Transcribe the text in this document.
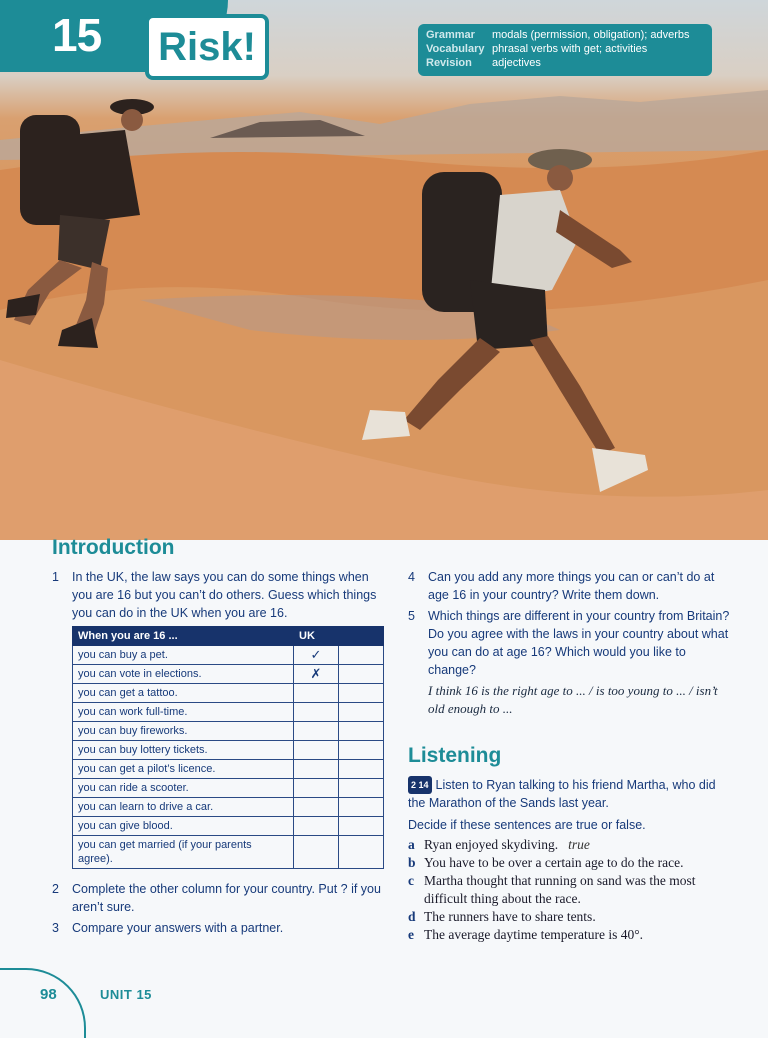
15 Risk!	Grammar	modals (permission, obligation); adverbs
Vocabulary phrasal verbs with get; activities
Revision	adjectives
Introduction
1 In the UK, the law says you can do some things when you are 16 but you can’t do others. Guess which things you can do in the UK when you are 16.
When you are 16 ...	UK	
you can buy a pet.	✓	
you can vote in elections.	✗	
you can get a tattoo.		
you can work full-time.		
you can buy fireworks.		
you can buy lottery tickets.		
you can get a pilot’s licence.		
you can ride a scooter.		
you can learn to drive a car.		
you can give blood.		
you can get married (if your parents agree).		
2 Complete the other column for your country. Put ? if you aren’t sure.
3 Compare your answers with a partner.
4 Can you add any more things you can or can’t do at age 16 in your country? Write them down.
5 Which things are different in your country from Britain? Do you agree with the laws in your country about what you can do at age 16? Which would you like to change?
I think 16 is the right age to ... / is too young to ... / isn’t old enough to ...
Listening
2 14 Listen to Ryan talking to his friend Martha, who did the Marathon of the Sands last year.
Decide if these sentences are true or false.
a Ryan enjoyed skydiving. true
b You have to be over a certain age to do the race.
c Martha thought that running on sand was the most difficult thing about the race.
d The runners have to share tents.
e The average daytime temperature is 40°.
98	UNIT 15
